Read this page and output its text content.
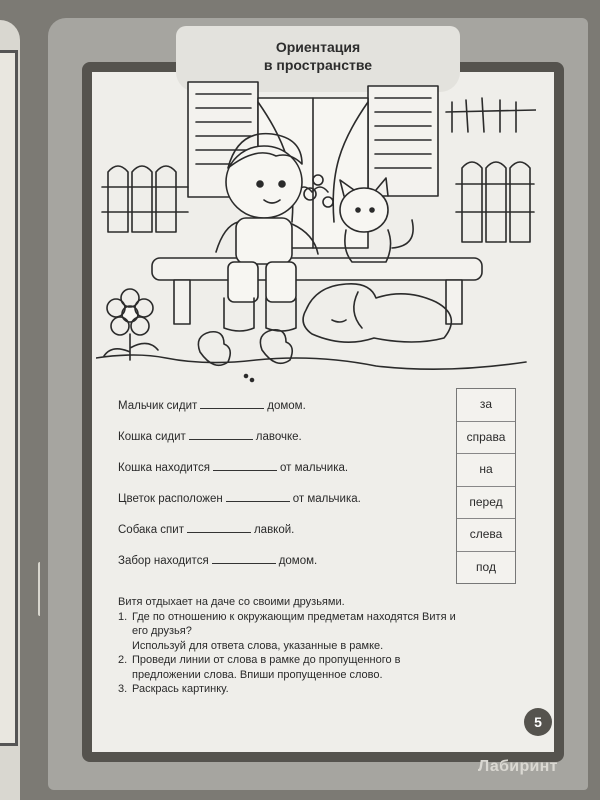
Ориентация
в пространстве
Мальчик сидит	домом.
Кошка сидит	лавочке.
Кошка находится	от мальчика.
Цветок расположен	от мальчика.
Собака спит	лавкой.
Забор находится	домом.
за
справа
на
перед
слева
под
Витя отдыхает на даче со своими друзьями.
1. Где по отношению к окружающим предметам находятся Витя и его друзья?
Используй для ответа слова, указанные в рамке.
2. Проведи линии от слова в рамке до пропущенного в предложении слова. Впиши пропущенное слово.
3. Раскрась картинку.
5
Лабиринт
